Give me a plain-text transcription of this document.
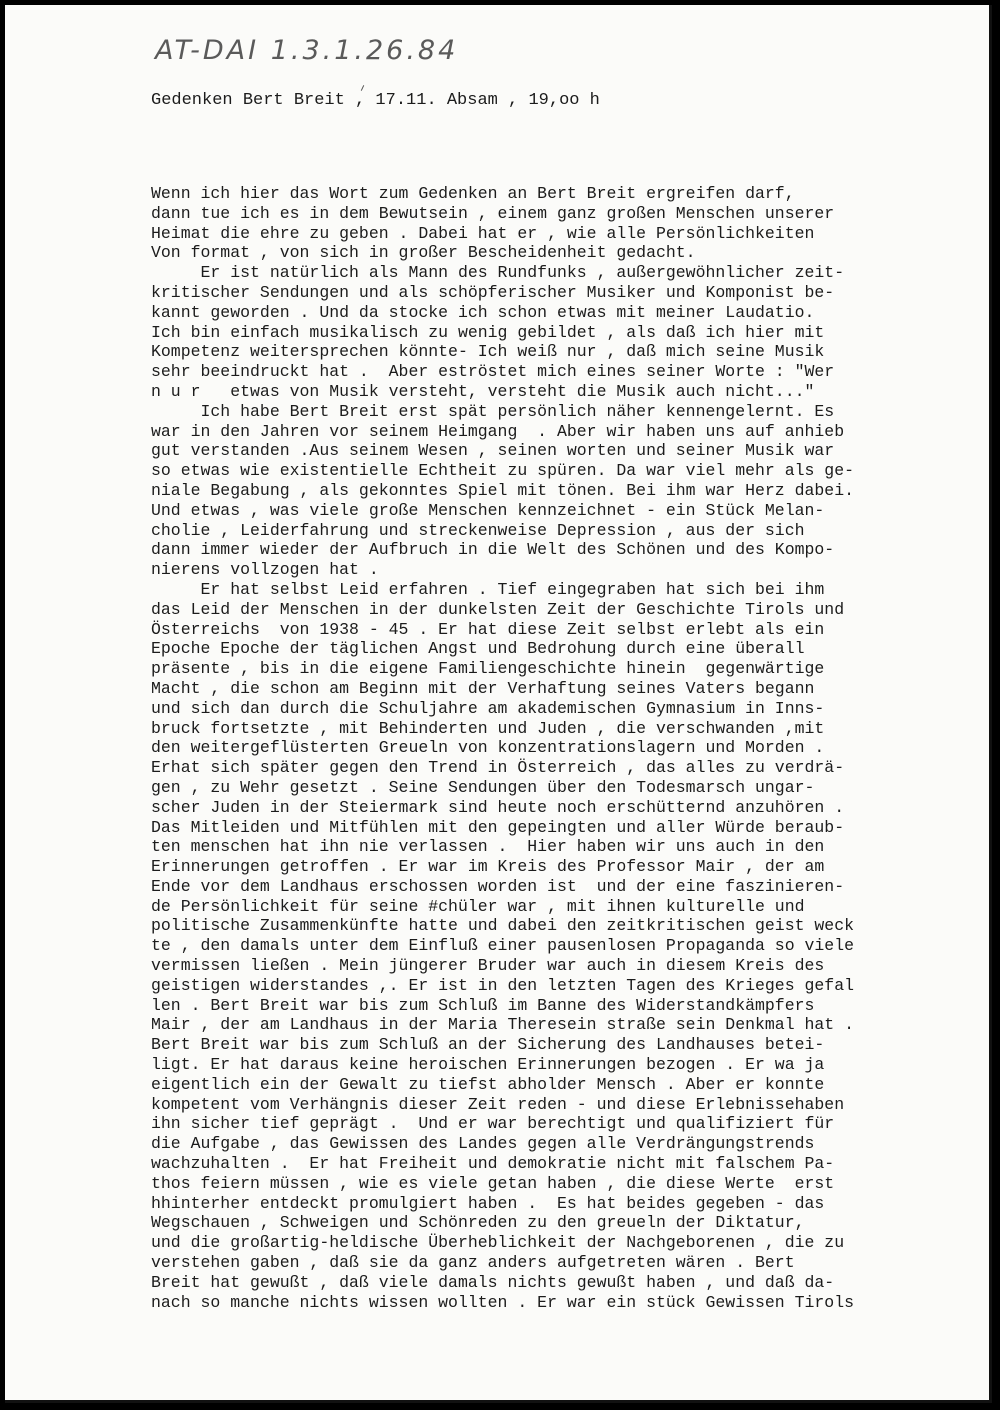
AT-DAI 1.3.1.26.84
Gedenken Bert Breit , 17.11. Absam , 19,oo h
Wenn ich hier das Wort zum Gedenken an Bert Breit ergreifen darf,
dann tue ich es in dem Bewutsein , einem ganz großen Menschen unserer
Heimat die ehre zu geben . Dabei hat er , wie alle Persönlichkeiten
Von format , von sich in großer Bescheidenheit gedacht.
Er ist natürlich als Mann des Rundfunks , außergewöhnlicher zeit-
kritischer Sendungen und als schöpferischer Musiker und Komponist be-
kannt geworden . Und da stocke ich schon etwas mit meiner Laudatio.
Ich bin einfach musikalisch zu wenig gebildet , als daß ich hier mit
Kompetenz weitersprechen könnte- Ich weiß nur , daß mich seine Musik
sehr beeindruckt hat .  Aber eströstet mich eines seiner Worte : "Wer
n u r   etwas von Musik versteht, versteht die Musik auch nicht..."
Ich habe Bert Breit erst spät persönlich näher kennengelernt. Es
war in den Jahren vor seinem Heimgang  . Aber wir haben uns auf anhieb
gut verstanden .Aus seinem Wesen , seinen worten und seiner Musik war
so etwas wie existentielle Echtheit zu spüren. Da war viel mehr als ge-
niale Begabung , als gekonntes Spiel mit tönen. Bei ihm war Herz dabei.
Und etwas , was viele große Menschen kennzeichnet - ein Stück Melan-
cholie , Leiderfahrung und streckenweise Depression , aus der sich
dann immer wieder der Aufbruch in die Welt des Schönen und des Kompo-
nierens vollzogen hat .
Er hat selbst Leid erfahren . Tief eingegraben hat sich bei ihm
das Leid der Menschen in der dunkelsten Zeit der Geschichte Tirols und
Österreichs  von 1938 - 45 . Er hat diese Zeit selbst erlebt als ein
Epoche Epoche der täglichen Angst und Bedrohung durch eine überall
präsente , bis in die eigene Familiengeschichte hinein  gegenwärtige
Macht , die schon am Beginn mit der Verhaftung seines Vaters begann
und sich dan durch die Schuljahre am akademischen Gymnasium in Inns-
bruck fortsetzte , mit Behinderten und Juden , die verschwanden ,mit
den weitergeflüsterten Greueln von konzentrationslagern und Morden .
Erhat sich später gegen den Trend in Österreich , das alles zu verdrä-
gen , zu Wehr gesetzt . Seine Sendungen über den Todesmarsch ungar-
scher Juden in der Steiermark sind heute noch erschütternd anzuhören .
Das Mitleiden und Mitfühlen mit den gepeingten und aller Würde beraub-
ten menschen hat ihn nie verlassen .  Hier haben wir uns auch in den
Erinnerungen getroffen . Er war im Kreis des Professor Mair , der am
Ende vor dem Landhaus erschossen worden ist  und der eine faszinieren-
de Persönlichkeit für seine #chüler war , mit ihnen kulturelle und
politische Zusammenkünfte hatte und dabei den zeitkritischen geist weck
te , den damals unter dem Einfluß einer pausenlosen Propaganda so viele
vermissen ließen . Mein jüngerer Bruder war auch in diesem Kreis des
geistigen widerstandes ,. Er ist in den letzten Tagen des Krieges gefal
len . Bert Breit war bis zum Schluß im Banne des Widerstandkämpfers
Mair , der am Landhaus in der Maria Theresein straße sein Denkmal hat .
Bert Breit war bis zum Schluß an der Sicherung des Landhauses betei-
ligt. Er hat daraus keine heroischen Erinnerungen bezogen . Er wa ja
eigentlich ein der Gewalt zu tiefst abholder Mensch . Aber er konnte
kompetent vom Verhängnis dieser Zeit reden - und diese Erlebnissehaben
ihn sicher tief geprägt .  Und er war berechtigt und qualifiziert für
die Aufgabe , das Gewissen des Landes gegen alle Verdrängungstrends
wachzuhalten .  Er hat Freiheit und demokratie nicht mit falschem Pa-
thos feiern müssen , wie es viele getan haben , die diese Werte  erst
hhinterher entdeckt promulgiert haben .  Es hat beides gegeben - das
Wegschauen , Schweigen und Schönreden zu den greueln der Diktatur,
und die großartig-heldische Überheblichkeit der Nachgeborenen , die zu
verstehen gaben , daß sie da ganz anders aufgetreten wären . Bert
Breit hat gewußt , daß viele damals nichts gewußt haben , und daß da-
nach so manche nichts wissen wollten . Er war ein stück Gewissen Tirols
